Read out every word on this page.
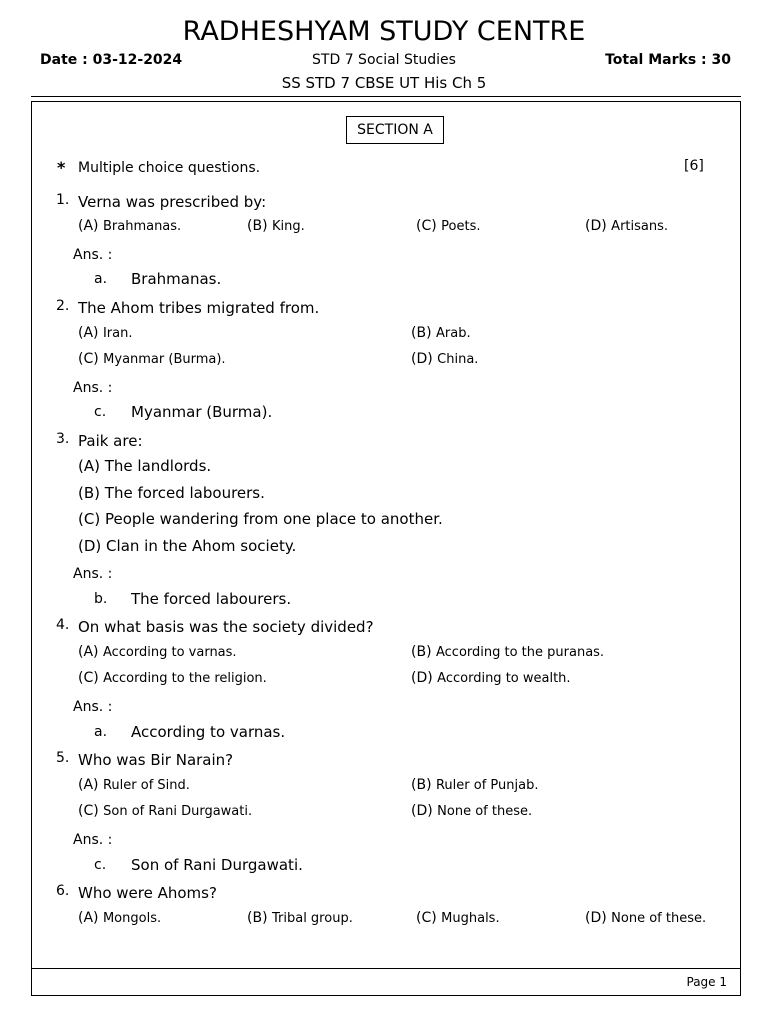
RADHESHYAM STUDY CENTRE
Date : 03-12-2024	STD 7 Social Studies	Total Marks : 30
SS STD 7 CBSE UT His Ch 5
SECTION A
* Multiple choice questions.	[6]
1. Verna was prescribed by:
(A) Brahmanas.	(B) King.	(C) Poets.	(D) Artisans.
Ans. :
a. Brahmanas.
2. The Ahom tribes migrated from.
(A) Iran.	(B) Arab.
(C) Myanmar (Burma).	(D) China.
Ans. :
c. Myanmar (Burma).
3. Paik are:
(A) The landlords.
(B) The forced labourers.
(C) People wandering from one place to another.
(D) Clan in the Ahom society.
Ans. :
b. The forced labourers.
4. On what basis was the society divided?
(A) According to varnas.	(B) According to the puranas.
(C) According to the religion.	(D) According to wealth.
Ans. :
a. According to varnas.
5. Who was Bir Narain?
(A) Ruler of Sind.	(B) Ruler of Punjab.
(C) Son of Rani Durgawati.	(D) None of these.
Ans. :
c. Son of Rani Durgawati.
6. Who were Ahoms?
(A) Mongols.	(B) Tribal group.	(C) Mughals.	(D) None of these.
Page 1
